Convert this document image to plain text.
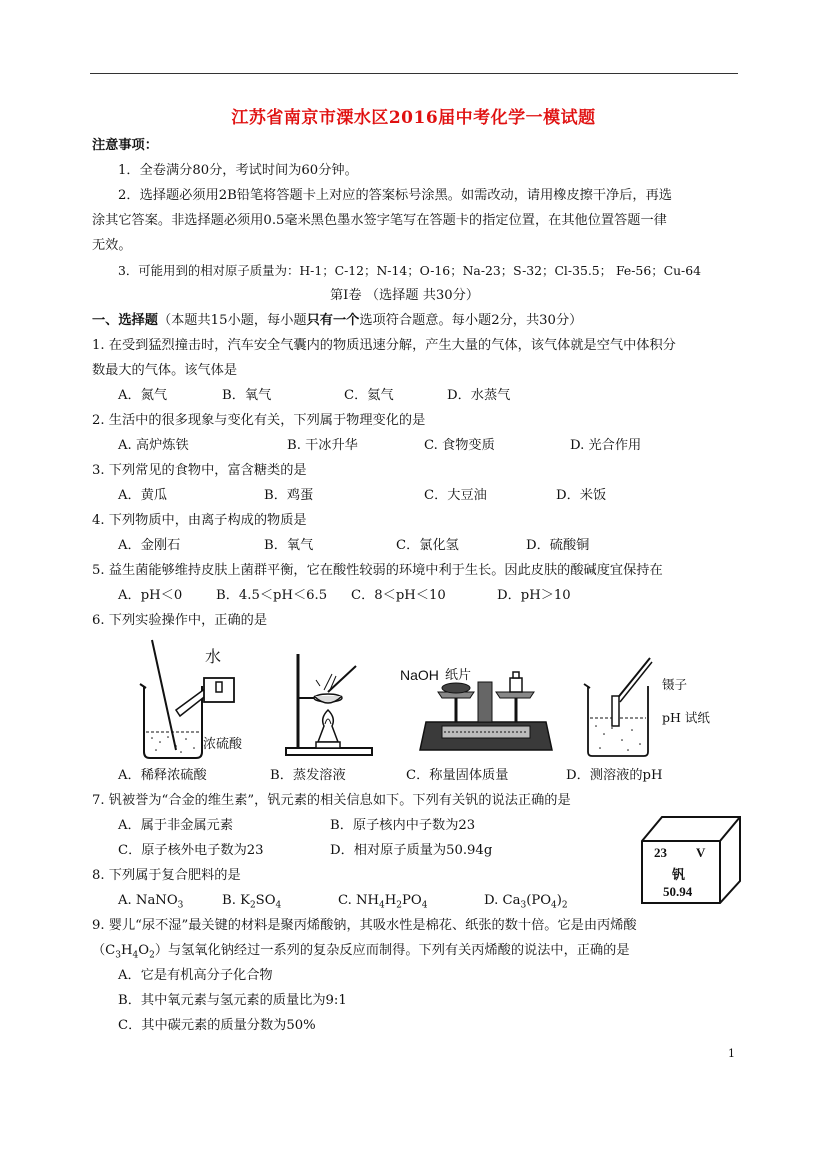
江苏省南京市溧水区2016届中考化学一模试题
注意事项：
1．全卷满分80分，考试时间为60分钟。
2．选择题必须用2B铅笔将答题卡上对应的答案标号涂黑。如需改动，请用橡皮擦干净后，再选
涂其它答案。非选择题必须用0.5毫米黑色墨水签字笔写在答题卡的指定位置，在其他位置答题一律
无效。
3．可能用到的相对原子质量为：H-1；C-12；N-14；O-16；Na-23；S-32；Cl-35.5； Fe-56；Cu-64
第Ⅰ卷 （选择题 共30分）
一、选择题（本题共15小题，每小题只有一个选项符合题意。每小题2分，共30分）
1. 在受到猛烈撞击时，汽车安全气囊内的物质迅速分解，产生大量的气体，该气体就是空气中体积分
数最大的气体。该气体是
A．氮气	B．氧气	C．氦气	D．水蒸气
2. 生活中的很多现象与变化有关，下列属于物理变化的是
A. 高炉炼铁	B. 干冰升华	C. 食物变质	D. 光合作用
3. 下列常见的食物中，富含糖类的是
A．黄瓜	B．鸡蛋	C．大豆油	D．米饭
4. 下列物质中，由离子构成的物质是
A．金刚石	B．氧气	C．氯化氢	D．硫酸铜
5. 益生菌能够维持皮肤上菌群平衡，它在酸性较弱的环境中利于生长。因此皮肤的酸碱度宜保持在
A．pH＜0	B．4.5＜pH＜6.5 C．8＜pH＜10	D．pH＞10
6. 下列实验操作中，正确的是
水
浓硫酸
NaOH 纸片
镊子
pH 试纸
A．稀释浓硫酸	B．蒸发溶液	C．称量固体质量	D．测溶液的pH
7. 钒被誉为“合金的维生素”，钒元素的相关信息如下。下列有关钒的说法正确的是
A．属于非金属元素	B．原子核内中子数为23
C．原子核外电子数为23	D．相对原子质量为50.94g	23 V
钒
50.94
8. 下列属于复合肥料的是
A. NaNO$_3$	B. $K_2SO_4$	C. $NH_4H_2PO_4$	D. $Ca_3(PO_4)_2$
9. 婴儿“尿不湿”最关键的材料是聚丙烯酸钠，其吸水性是棉花、纸张的数十倍。它是由丙烯酸
$(C_3H_4O_2)$与氢氧化钠经过一系列的复杂反应而制得。下列有关丙烯酸的说法中，正确的是
A．它是有机高分子化合物
B．其中氧元素与氢元素的质量比为9:1
C．其中碳元素的质量分数为50%
1
